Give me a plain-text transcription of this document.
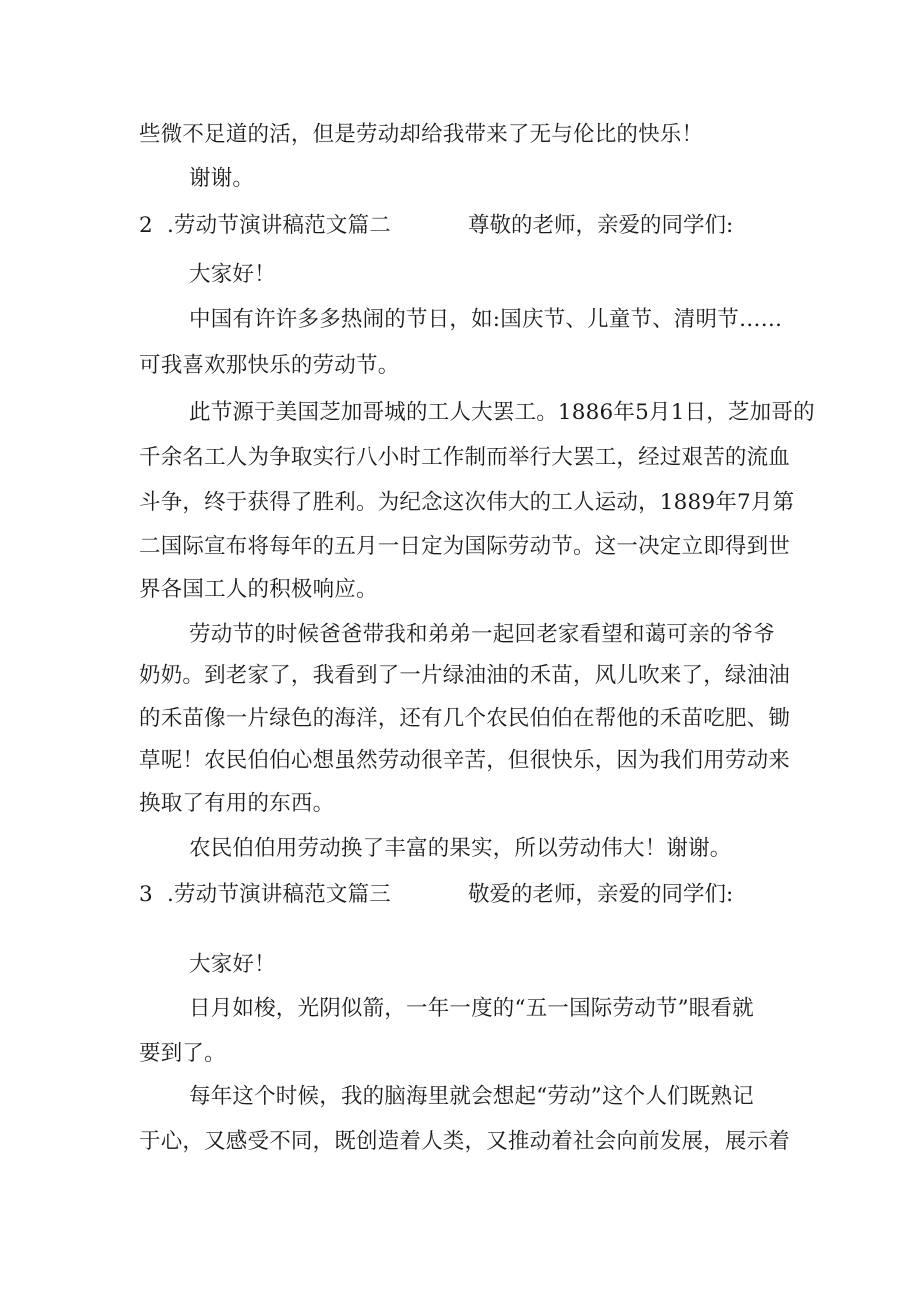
些微不足道的活，但是劳动却给我带来了无与伦比的快乐！
谢谢。
2  .劳动节演讲稿范文篇二	尊敬的老师，亲爱的同学们:
大家好！
中国有许许多多热闹的节日，如:国庆节、儿童节、清明节……
可我喜欢那快乐的劳动节。
此节源于美国芝加哥城的工人大罢工。1886年5月1日，芝加哥的
千余名工人为争取实行八小时工作制而举行大罢工，经过艰苦的流血
斗争，终于获得了胜利。为纪念这次伟大的工人运动，1889年7月第
二国际宣布将每年的五月一日定为国际劳动节。这一决定立即得到世
界各国工人的积极响应。
劳动节的时候爸爸带我和弟弟一起回老家看望和蔼可亲的爷爷
奶奶。到老家了，我看到了一片绿油油的禾苗，风儿吹来了，绿油油
的禾苗像一片绿色的海洋，还有几个农民伯伯在帮他的禾苗吃肥、锄
草呢！农民伯伯心想虽然劳动很辛苦，但很快乐，因为我们用劳动来
换取了有用的东西。
农民伯伯用劳动换了丰富的果实，所以劳动伟大！谢谢。
3  .劳动节演讲稿范文篇三	敬爱的老师，亲爱的同学们:
大家好！
日月如梭，光阴似箭，一年一度的“五一国际劳动节”眼看就
要到了。
每年这个时候，我的脑海里就会想起“劳动”这个人们既熟记
于心，又感受不同，既创造着人类，又推动着社会向前发展，展示着
